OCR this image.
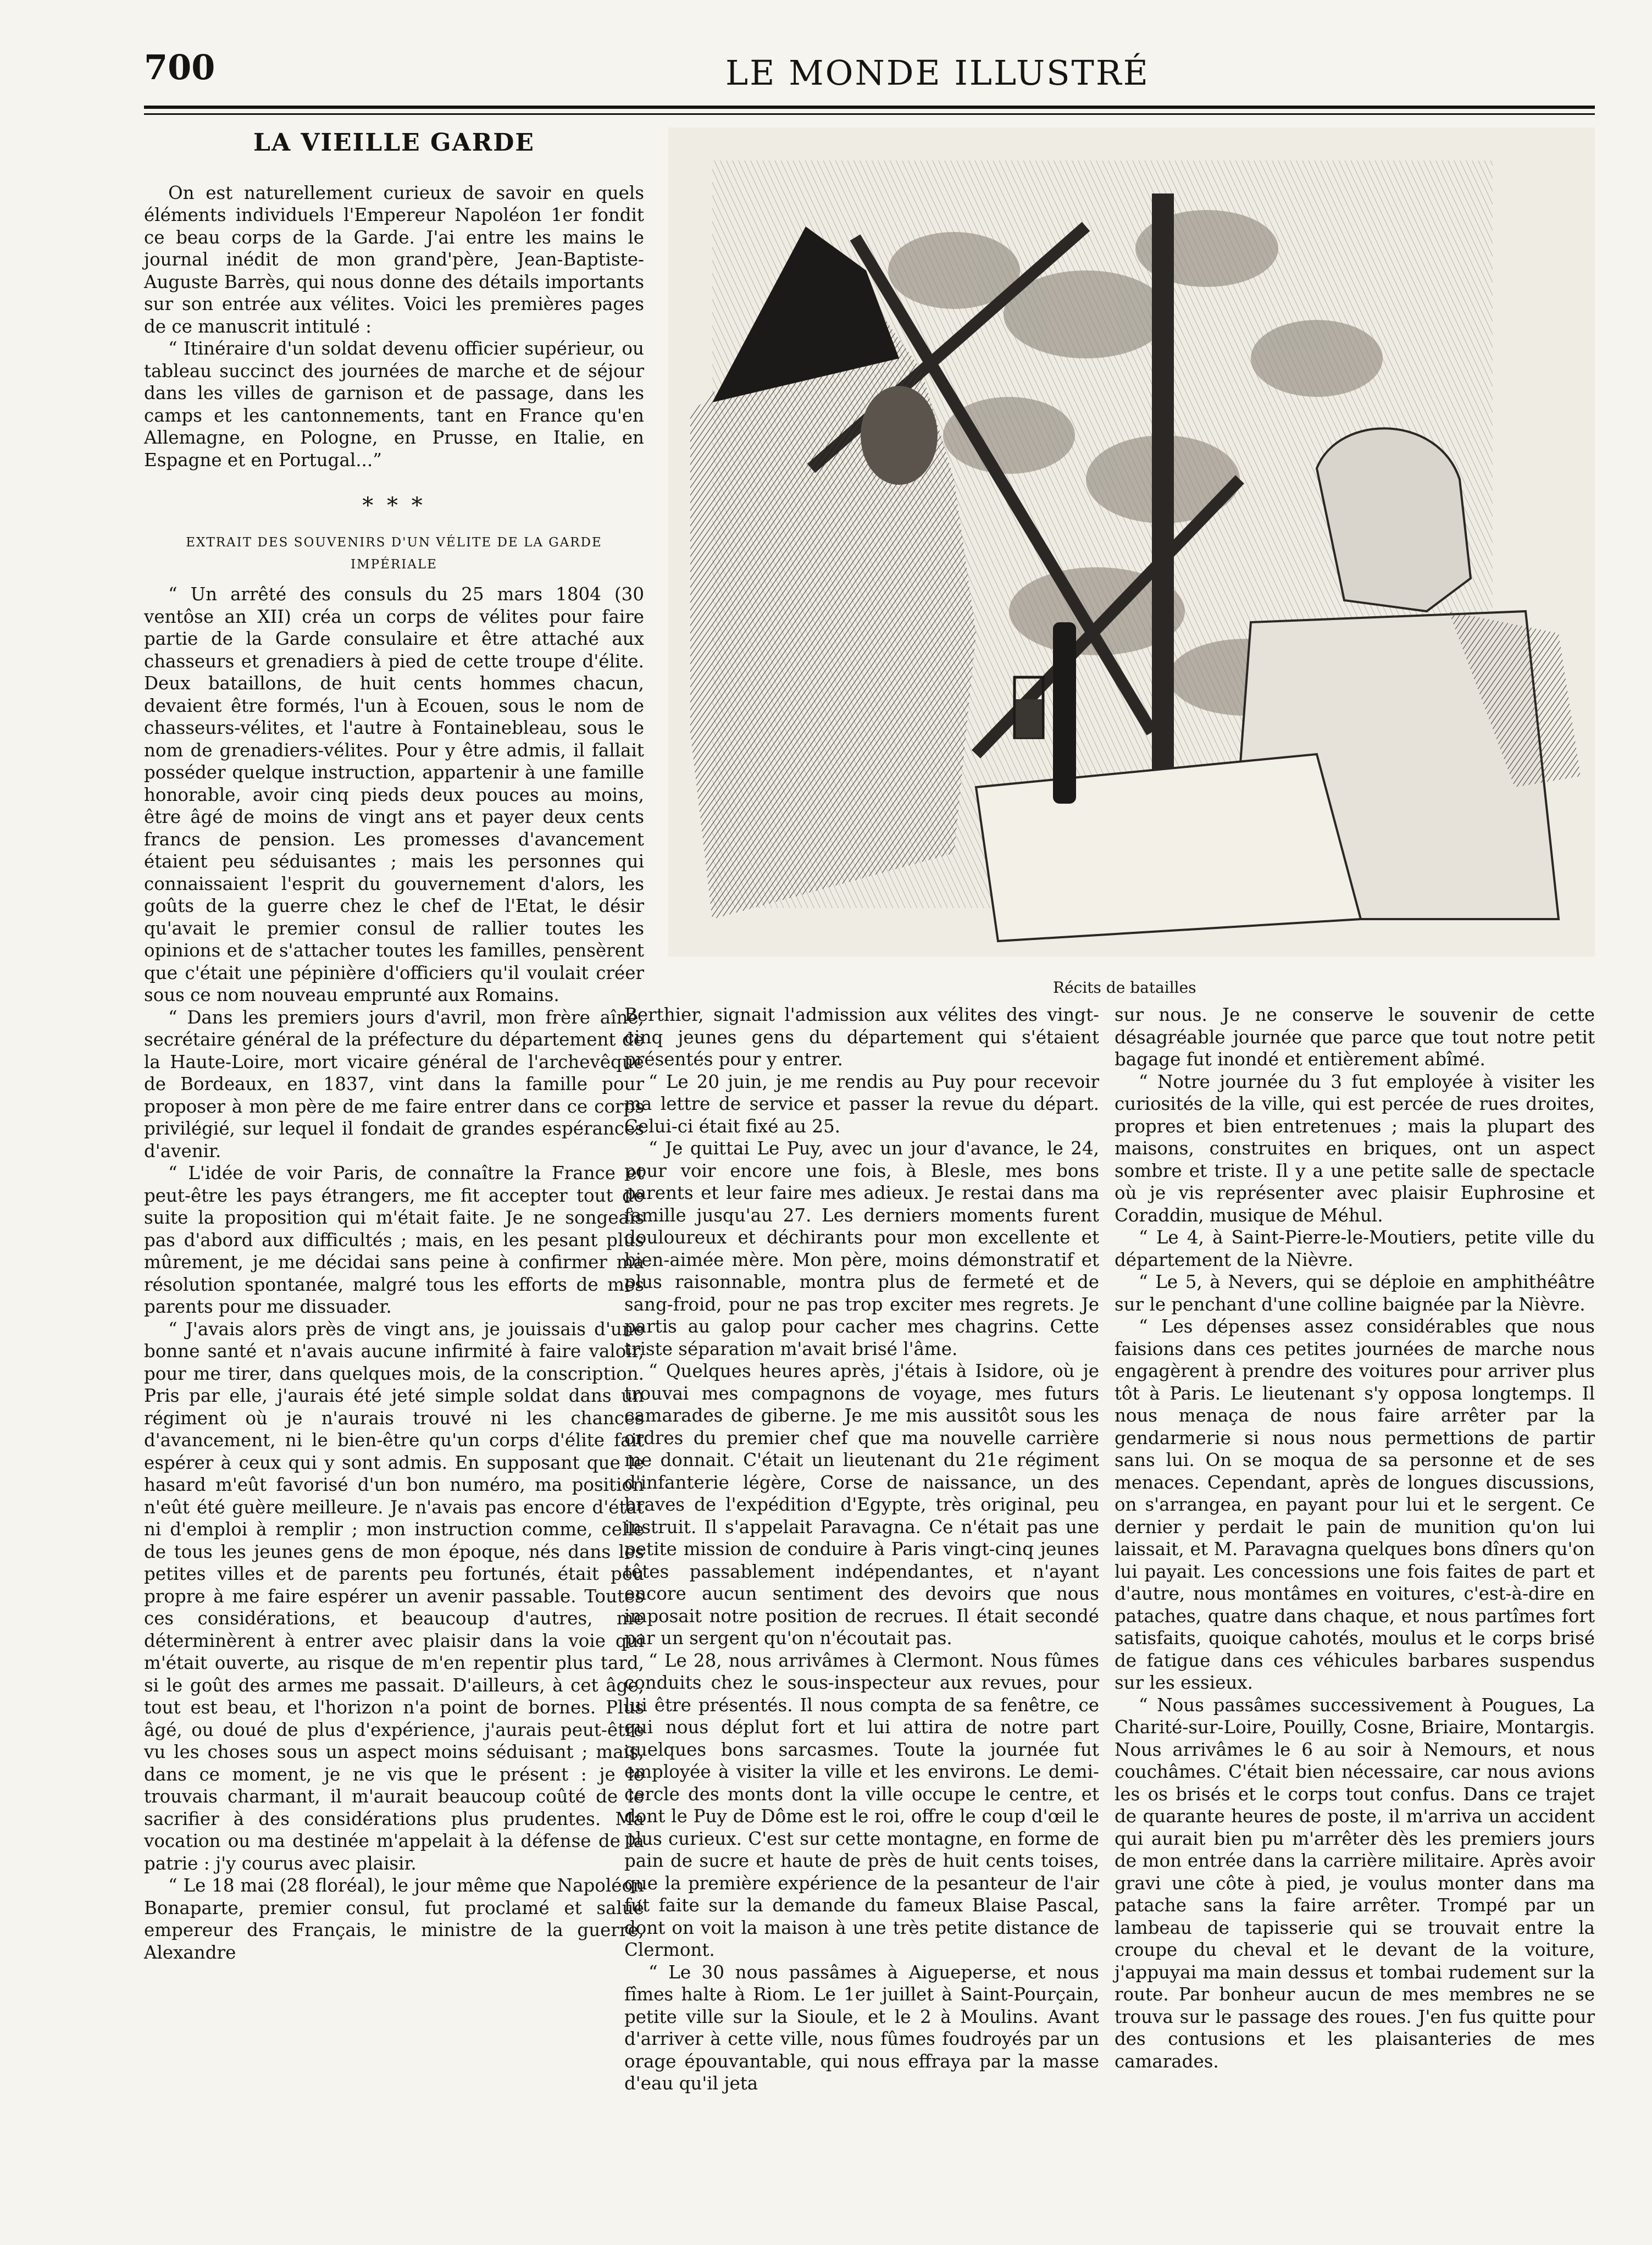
700	LE MONDE ILLUSTRÉ

LA VIEILLE GARDE

On est naturellement curieux de savoir en quels éléments individuels l'Empereur Napoléon 1er fondit ce beau corps de la Garde. J'ai entre les mains le journal inédit de mon grand'père, Jean-Baptiste-Auguste Barrès, qui nous donne des détails importants sur son entrée aux vélites. Voici les premières pages de ce manuscrit intitulé :

“ Itinéraire d'un soldat devenu officier supérieur, ou tableau succinct des journées de marche et de séjour dans les villes de garnison et de passage, dans les camps et les cantonnements, tant en France qu'en Allemagne, en Pologne, en Prusse, en Italie, en Espagne et en Portugal...”

* * *

EXTRAIT DES SOUVENIRS D'UN VÉLITE DE LA GARDE IMPÉRIALE

“ Un arrêté des consuls du 25 mars 1804 (30 ventôse an XII) créa un corps de vélites pour faire partie de la Garde consulaire et être attaché aux chasseurs et grenadiers à pied de cette troupe d'élite. Deux bataillons, de huit cents hommes chacun, devaient être formés, l'un à Ecouen, sous le nom de chasseurs-vélites, et l'autre à Fontainebleau, sous le nom de grenadiers-vélites. Pour y être admis, il fallait posséder quelque instruction, appartenir à une famille honorable, avoir cinq pieds deux pouces au moins, être âgé de moins de vingt ans et payer deux cents francs de pension. Les promesses d'avancement étaient peu séduisantes ; mais les personnes qui connaissaient l'esprit du gouvernement d'alors, les goûts de la guerre chez le chef de l'Etat, le désir qu'avait le premier consul de rallier toutes les opinions et de s'attacher toutes les familles, pensèrent que c'était une pépinière d'officiers qu'il voulait créer sous ce nom nouveau emprunté aux Romains.

“ Dans les premiers jours d'avril, mon frère aîné, secrétaire général de la préfecture du département de la Haute-Loire, mort vicaire général de l'archevêque de Bordeaux, en 1837, vint dans la famille pour proposer à mon père de me faire entrer dans ce corps privilégié, sur lequel il fondait de grandes espérances d'avenir.

“ L'idée de voir Paris, de connaître la France et peut-être les pays étrangers, me fit accepter tout de suite la proposition qui m'était faite. Je ne songeais pas d'abord aux difficultés ; mais, en les pesant plus mûrement, je me décidai sans peine à confirmer ma résolution spontanée, malgré tous les efforts de mes parents pour me dissuader.

“ J'avais alors près de vingt ans, je jouissais d'une bonne santé et n'avais aucune infirmité à faire valoir, pour me tirer, dans quelques mois, de la conscription. Pris par elle, j'aurais été jeté simple soldat dans un régiment où je n'aurais trouvé ni les chances d'avancement, ni le bien-être qu'un corps d'élite fait espérer à ceux qui y sont admis. En supposant que le hasard m'eût favorisé d'un bon numéro, ma position n'eût été guère meilleure. Je n'avais pas encore d'état ni d'emploi à remplir ; mon instruction comme, celle de tous les jeunes gens de mon époque, nés dans les petites villes et de parents peu fortunés, était peu propre à me faire espérer un avenir passable. Toutes ces considérations, et beaucoup d'autres, me déterminèrent à entrer avec plaisir dans la voie qui m'était ouverte, au risque de m'en repentir plus tard, si le goût des armes me passait. D'ailleurs, à cet âge, tout est beau, et l'horizon n'a point de bornes. Plus âgé, ou doué de plus d'expérience, j'aurais peut-être vu les choses sous un aspect moins séduisant ; mais, dans ce moment, je ne vis que le présent : je le trouvais charmant, il m'aurait beaucoup coûté de le sacrifier à des considérations plus prudentes. Ma vocation ou ma destinée m'appelait à la défense de la patrie : j'y courus avec plaisir.

“ Le 18 mai (28 floréal), le jour même que Napoléon Bonaparte, premier consul, fut proclamé et salué empereur des Français, le ministre de la guerre, Alexandre

Récits de batailles

Berthier, signait l'admission aux vélites des vingt-cinq jeunes gens du département qui s'étaient présentés pour y entrer.

“ Le 20 juin, je me rendis au Puy pour recevoir ma lettre de service et passer la revue du départ. Celui-ci était fixé au 25.

“ Je quittai Le Puy, avec un jour d'avance, le 24, pour voir encore une fois, à Blesle, mes bons parents et leur faire mes adieux. Je restai dans ma famille jusqu'au 27. Les derniers moments furent douloureux et déchirants pour mon excellente et bien-aimée mère. Mon père, moins démonstratif et plus raisonnable, montra plus de fermeté et de sang-froid, pour ne pas trop exciter mes regrets. Je partis au galop pour cacher mes chagrins. Cette triste séparation m'avait brisé l'âme.

“ Quelques heures après, j'étais à Isidore, où je trouvai mes compagnons de voyage, mes futurs camarades de giberne. Je me mis aussitôt sous les ordres du premier chef que ma nouvelle carrière me donnait. C'était un lieutenant du 21e régiment d'infanterie légère, Corse de naissance, un des braves de l'expédition d'Egypte, très original, peu instruit. Il s'appelait Paravagna. Ce n'était pas une petite mission de conduire à Paris vingt-cinq jeunes têtes passablement indépendantes, et n'ayant encore aucun sentiment des devoirs que nous imposait notre position de recrues. Il était secondé par un sergent qu'on n'écoutait pas.

“ Le 28, nous arrivâmes à Clermont. Nous fûmes conduits chez le sous-inspecteur aux revues, pour lui être présentés. Il nous compta de sa fenêtre, ce qui nous déplut fort et lui attira de notre part quelques bons sarcasmes. Toute la journée fut employée à visiter la ville et les environs. Le demi-cercle des monts dont la ville occupe le centre, et dont le Puy de Dôme est le roi, offre le coup d'œil le plus curieux. C'est sur cette montagne, en forme de pain de sucre et haute de près de huit cents toises, que la première expérience de la pesanteur de l'air fut faite sur la demande du fameux Blaise Pascal, dont on voit la maison à une très petite distance de Clermont.

“ Le 30 nous passâmes à Aigueperse, et nous fîmes halte à Riom. Le 1er juillet à Saint-Pourçain, petite ville sur la Sioule, et le 2 à Moulins. Avant d'arriver à cette ville, nous fûmes foudroyés par un orage épouvantable, qui nous effraya par la masse d'eau qu'il jeta

sur nous. Je ne conserve le souvenir de cette désagréable journée que parce que tout notre petit bagage fut inondé et entièrement abîmé.

“ Notre journée du 3 fut employée à visiter les curiosités de la ville, qui est percée de rues droites, propres et bien entretenues ; mais la plupart des maisons, construites en briques, ont un aspect sombre et triste. Il y a une petite salle de spectacle où je vis représenter avec plaisir Euphrosine et Coraddin, musique de Méhul.

“ Le 4, à Saint-Pierre-le-Moutiers, petite ville du département de la Nièvre.

“ Le 5, à Nevers, qui se déploie en amphithéâtre sur le penchant d'une colline baignée par la Nièvre.

“ Les dépenses assez considérables que nous faisions dans ces petites journées de marche nous engagèrent à prendre des voitures pour arriver plus tôt à Paris. Le lieutenant s'y opposa longtemps. Il nous menaça de nous faire arrêter par la gendarmerie si nous nous permettions de partir sans lui. On se moqua de sa personne et de ses menaces. Cependant, après de longues discussions, on s'arrangea, en payant pour lui et le sergent. Ce dernier y perdait le pain de munition qu'on lui laissait, et M. Paravagna quelques bons dîners qu'on lui payait. Les concessions une fois faites de part et d'autre, nous montâmes en voitures, c'est-à-dire en pataches, quatre dans chaque, et nous partîmes fort satisfaits, quoique cahotés, moulus et le corps brisé de fatigue dans ces véhicules barbares suspendus sur les essieux.

“ Nous passâmes successivement à Pougues, La Charité-sur-Loire, Pouilly, Cosne, Briaire, Montargis. Nous arrivâmes le 6 au soir à Nemours, et nous couchâmes. C'était bien nécessaire, car nous avions les os brisés et le corps tout confus. Dans ce trajet de quarante heures de poste, il m'arriva un accident qui aurait bien pu m'arrêter dès les premiers jours de mon entrée dans la carrière militaire. Après avoir gravi une côte à pied, je voulus monter dans ma patache sans la faire arrêter. Trompé par un lambeau de tapisserie qui se trouvait entre la croupe du cheval et le devant de la voiture, j'appuyai ma main dessus et tombai rudement sur la route. Par bonheur aucun de mes membres ne se trouva sur le passage des roues. J'en fus quitte pour des contusions et les plaisanteries de mes camarades.
